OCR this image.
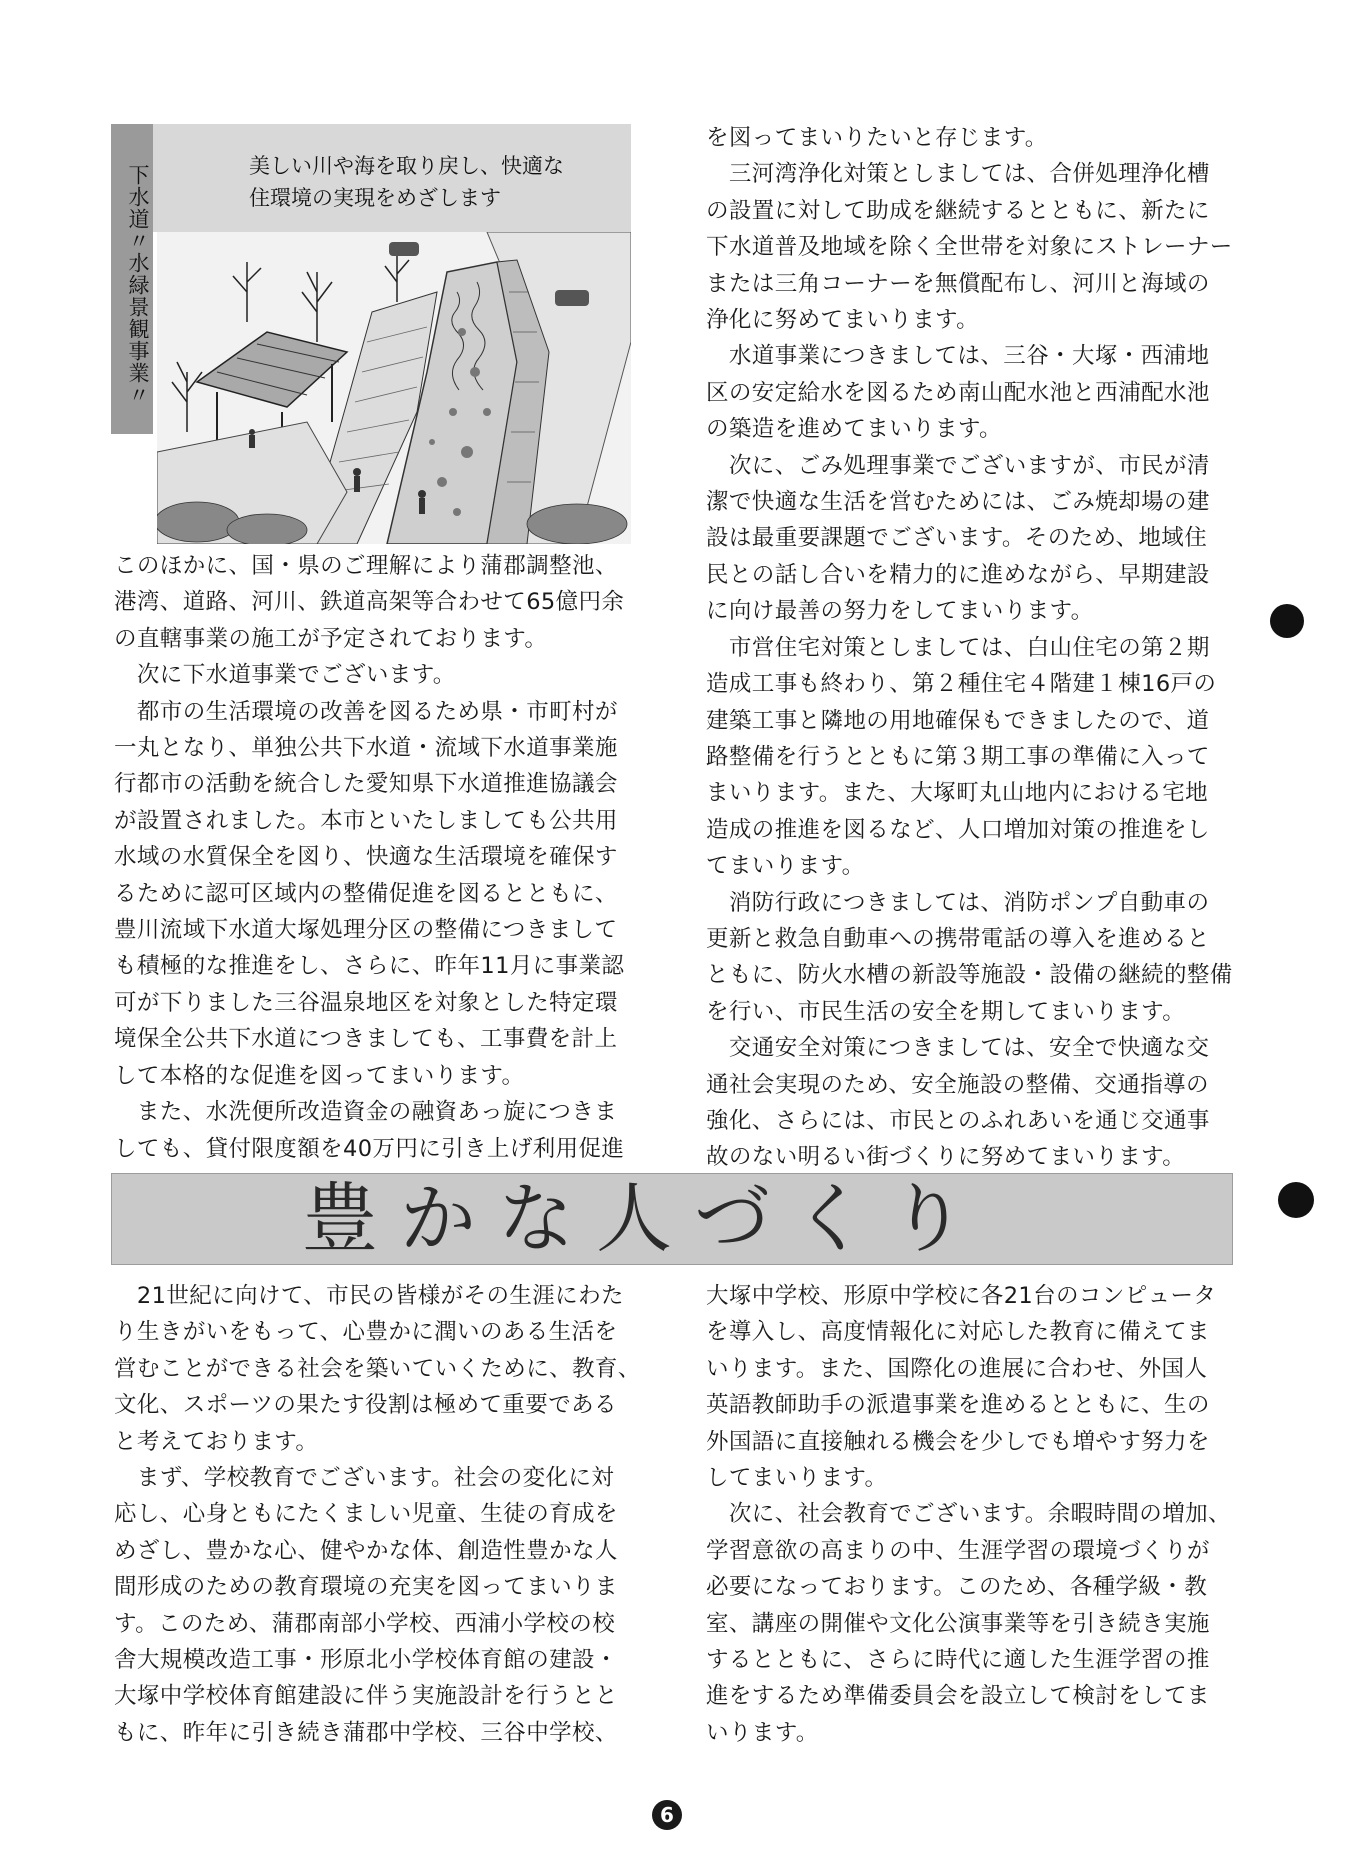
下水道〃水緑景観事業〃	美しい川や海を取り戻し、快適な

住環境の実現をめざします

このほかに、国・県のご理解により蒲郡調整池、

港湾、道路、河川、鉄道高架等合わせて65億円余

の直轄事業の施工が予定されております。

　次に下水道事業でございます。

　都市の生活環境の改善を図るため県・市町村が

一丸となり、単独公共下水道・流域下水道事業施

行都市の活動を統合した愛知県下水道推進協議会

が設置されました。本市といたしましても公共用

水域の水質保全を図り、快適な生活環境を確保す

るために認可区域内の整備促進を図るとともに、

豊川流域下水道大塚処理分区の整備につきまして

も積極的な推進をし、さらに、昨年11月に事業認

可が下りました三谷温泉地区を対象とした特定環

境保全公共下水道につきましても、工事費を計上

して本格的な促進を図ってまいります。

　また、水洗便所改造資金の融資あっ旋につきま

しても、貸付限度額を40万円に引き上げ利用促進

を図ってまいりたいと存じます。

　三河湾浄化対策としましては、合併処理浄化槽

の設置に対して助成を継続するとともに、新たに

下水道普及地域を除く全世帯を対象にストレーナー

または三角コーナーを無償配布し、河川と海域の

浄化に努めてまいります。

　水道事業につきましては、三谷・大塚・西浦地

区の安定給水を図るため南山配水池と西浦配水池

の築造を進めてまいります。

　次に、ごみ処理事業でございますが、市民が清

潔で快適な生活を営むためには、ごみ焼却場の建

設は最重要課題でございます。そのため、地域住

民との話し合いを精力的に進めながら、早期建設

に向け最善の努力をしてまいります。

　市営住宅対策としましては、白山住宅の第２期

造成工事も終わり、第２種住宅４階建１棟16戸の

建築工事と隣地の用地確保もできましたので、道

路整備を行うとともに第３期工事の準備に入って

まいります。また、大塚町丸山地内における宅地

造成の推進を図るなど、人口増加対策の推進をし

てまいります。

　消防行政につきましては、消防ポンプ自動車の

更新と救急自動車への携帯電話の導入を進めると

ともに、防火水槽の新設等施設・設備の継続的整備

を行い、市民生活の安全を期してまいります。

　交通安全対策につきましては、安全で快適な交

通社会実現のため、安全施設の整備、交通指導の

強化、さらには、市民とのふれあいを通じ交通事

故のない明るい街づくりに努めてまいります。

豊かな人づくり

　21世紀に向けて、市民の皆様がその生涯にわた

り生きがいをもって、心豊かに潤いのある生活を

営むことができる社会を築いていくために、教育、

文化、スポーツの果たす役割は極めて重要である

と考えております。

　まず、学校教育でございます。社会の変化に対

応し、心身ともにたくましい児童、生徒の育成を

めざし、豊かな心、健やかな体、創造性豊かな人

間形成のための教育環境の充実を図ってまいりま

す。このため、蒲郡南部小学校、西浦小学校の校

舎大規模改造工事・形原北小学校体育館の建設・

大塚中学校体育館建設に伴う実施設計を行うとと

もに、昨年に引き続き蒲郡中学校、三谷中学校、

大塚中学校、形原中学校に各21台のコンピュータ

を導入し、高度情報化に対応した教育に備えてま

いります。また、国際化の進展に合わせ、外国人

英語教師助手の派遣事業を進めるとともに、生の

外国語に直接触れる機会を少しでも増やす努力を

してまいります。

　次に、社会教育でございます。余暇時間の増加、

学習意欲の高まりの中、生涯学習の環境づくりが

必要になっております。このため、各種学級・教

室、講座の開催や文化公演事業等を引き続き実施

するとともに、さらに時代に適した生涯学習の推

進をするため準備委員会を設立して検討をしてま

いります。

6
